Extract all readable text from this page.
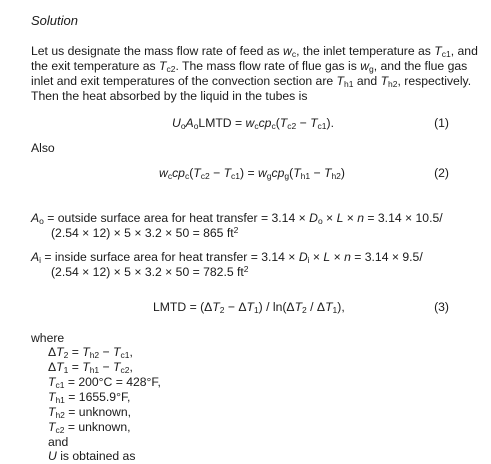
Solution
Let us designate the mass flow rate of feed as $w_c$, the inlet temperature as $T_{c1}$, and
the exit temperature as $T_{c2}$. The mass flow rate of flue gas is $w_g$, and the flue gas
inlet and exit temperatures of the convection section are $T_{h1}$ and $T_{h2}$, respectively.
Then the heat absorbed by the liquid in the tubes is
$U_oA_oLMTD = w_ccp_c(T_{c2} - T_{c1})$.	(1)
Also
$w_ccp_c(T_{c2} - T_{c1}) = w_gcp_g(T_{h1} - T_{h2})$	(2)
$A_o$ = outside surface area for heat transfer = $3.14 \times D_o \times L \times n = 3.14 \times 10.5/$
(2.54 × 12) × 5 × 3.2 × 50 = 865 $ft^2$
$A_i$ = inside surface area for heat transfer = $3.14 \times D_i \times L \times n = 3.14 \times 9.5/$
(2.54 × 12) × 5 × 3.2 × 50 = 782.5 $ft^2$
LMTD = $(\Delta T_2 - \Delta T_1) / \ln(\Delta T_2 / \Delta T_1)$,	(3)
where
$\Delta T_2 = T_{h2} - T_{c1}$,
$\Delta T_1 = T_{h1} - T_{c2}$,
$T_{c1} = 200^\circ C = 428^\circ F$,
$T_{h1} = 1655.9^\circ F$,
$T_{h2}$ = unknown,
$T_{c2}$ = unknown,
and
U is obtained as
